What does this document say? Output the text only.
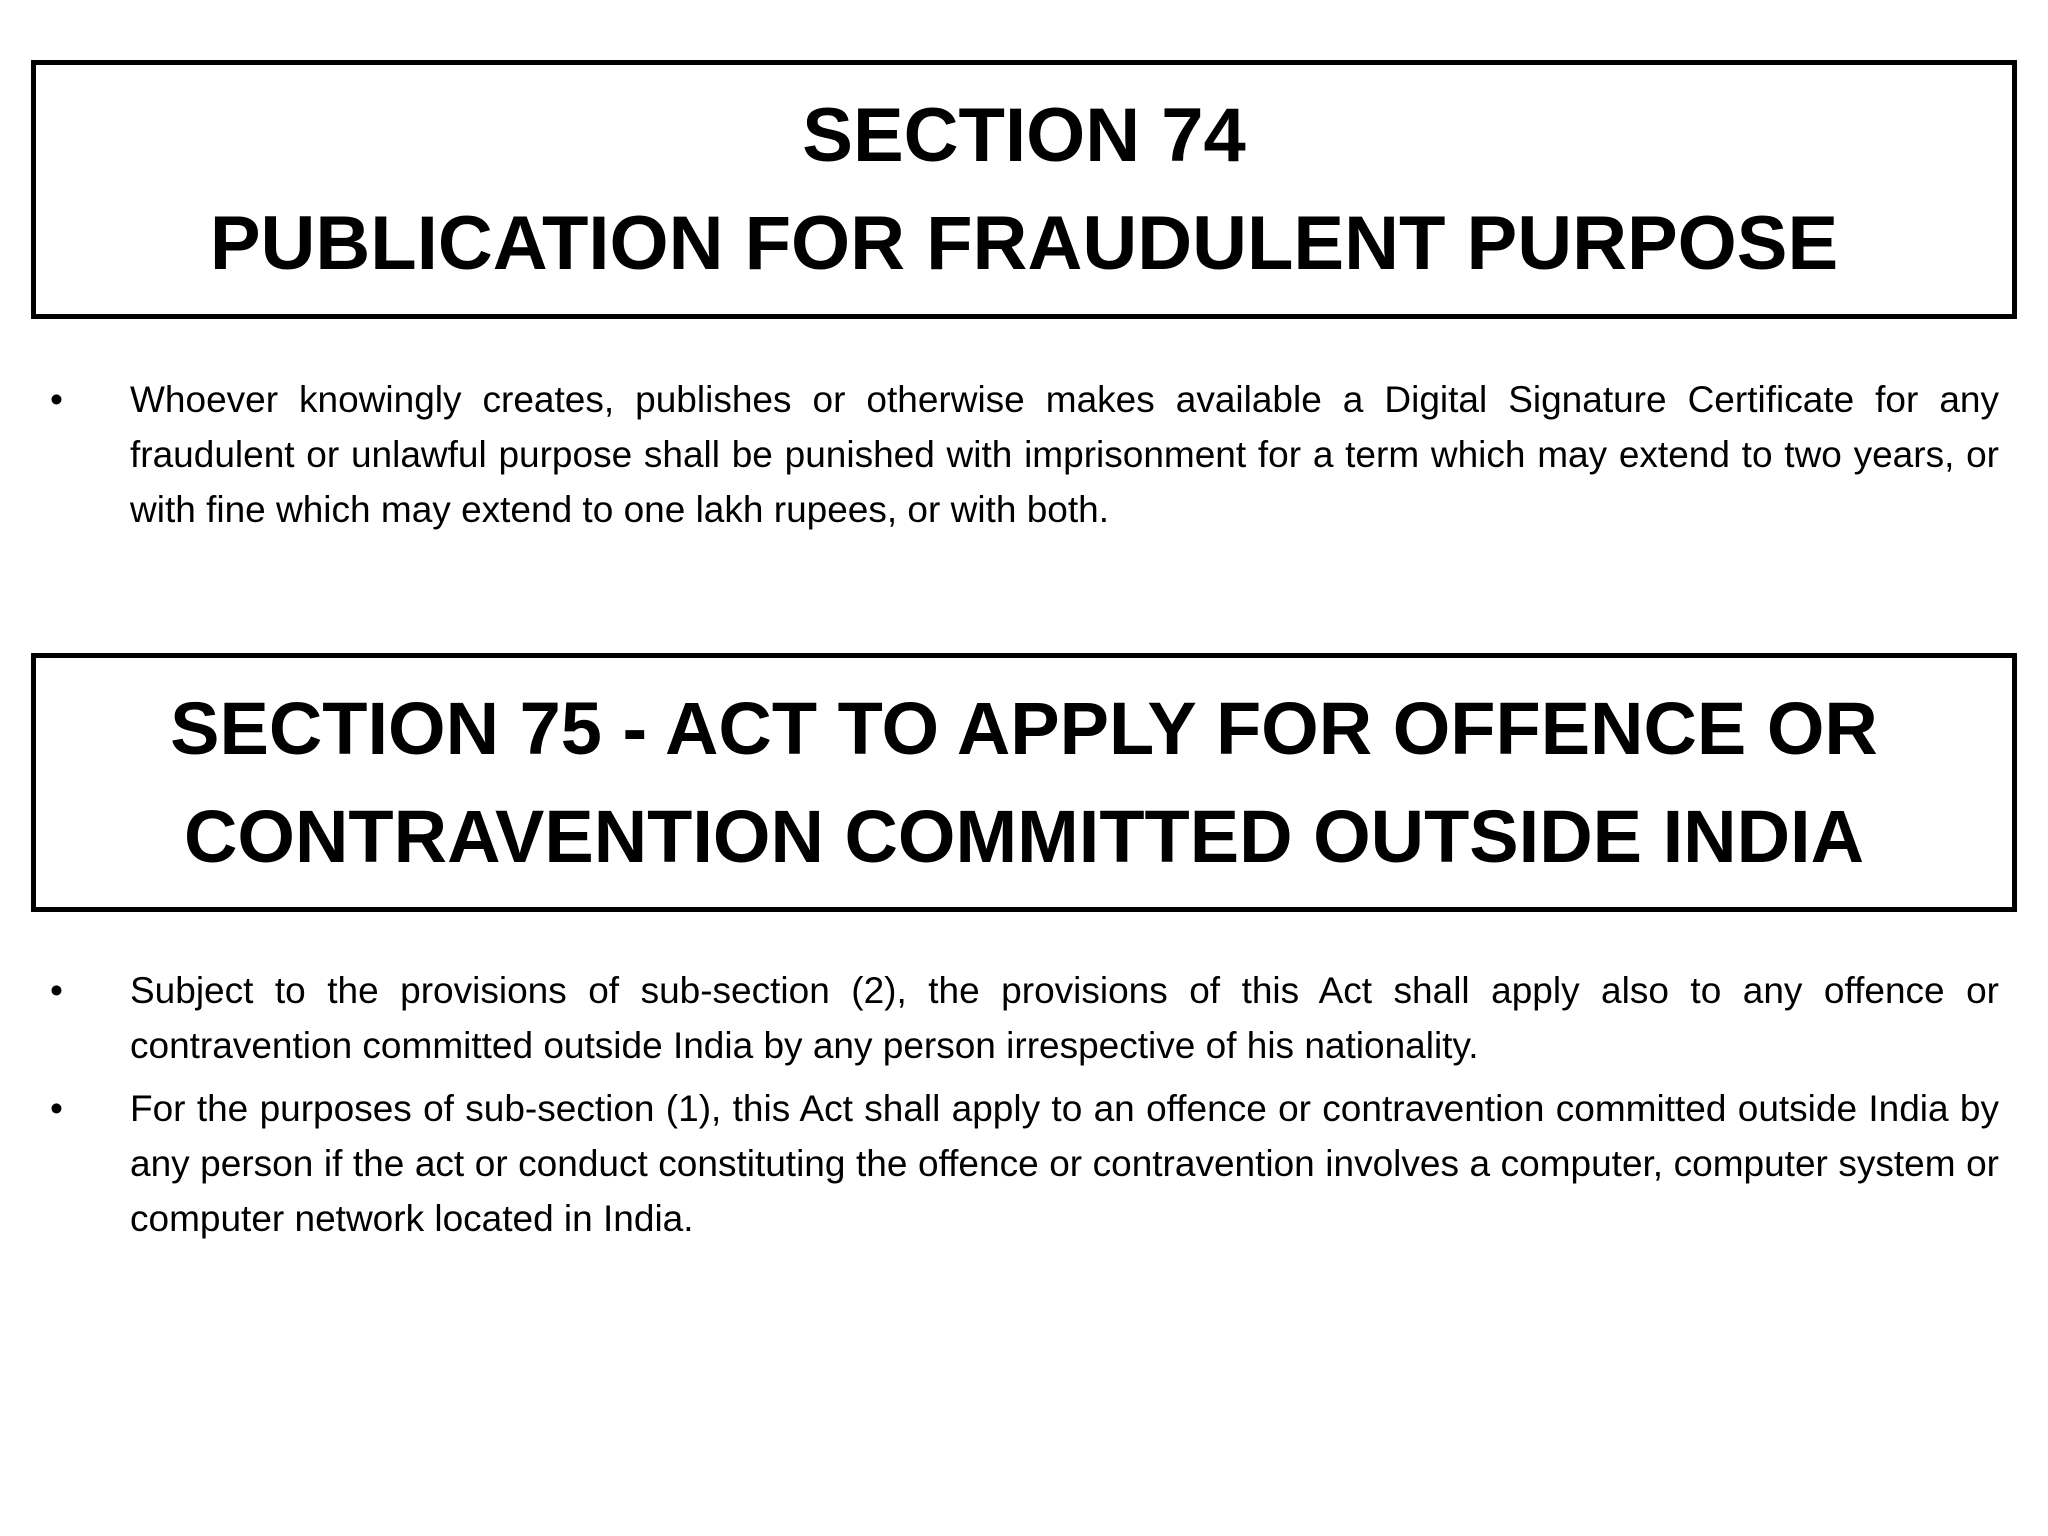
SECTION 74
PUBLICATION FOR FRAUDULENT PURPOSE
• Whoever knowingly creates, publishes or otherwise makes available a Digital Signature Certificate for any fraudulent or unlawful purpose shall be punished with imprisonment for a term which may extend to two years, or with fine which may extend to one lakh rupees, or with both.
SECTION 75 - ACT TO APPLY FOR OFFENCE OR
CONTRAVENTION COMMITTED OUTSIDE INDIA
• Subject to the provisions of sub-section (2), the provisions of this Act shall apply also to any offence or contravention committed outside India by any person irrespective of his nationality.
• For the purposes of sub-section (1), this Act shall apply to an offence or contravention committed outside India by any person if the act or conduct constituting the offence or contravention involves a computer, computer system or computer network located in India.
